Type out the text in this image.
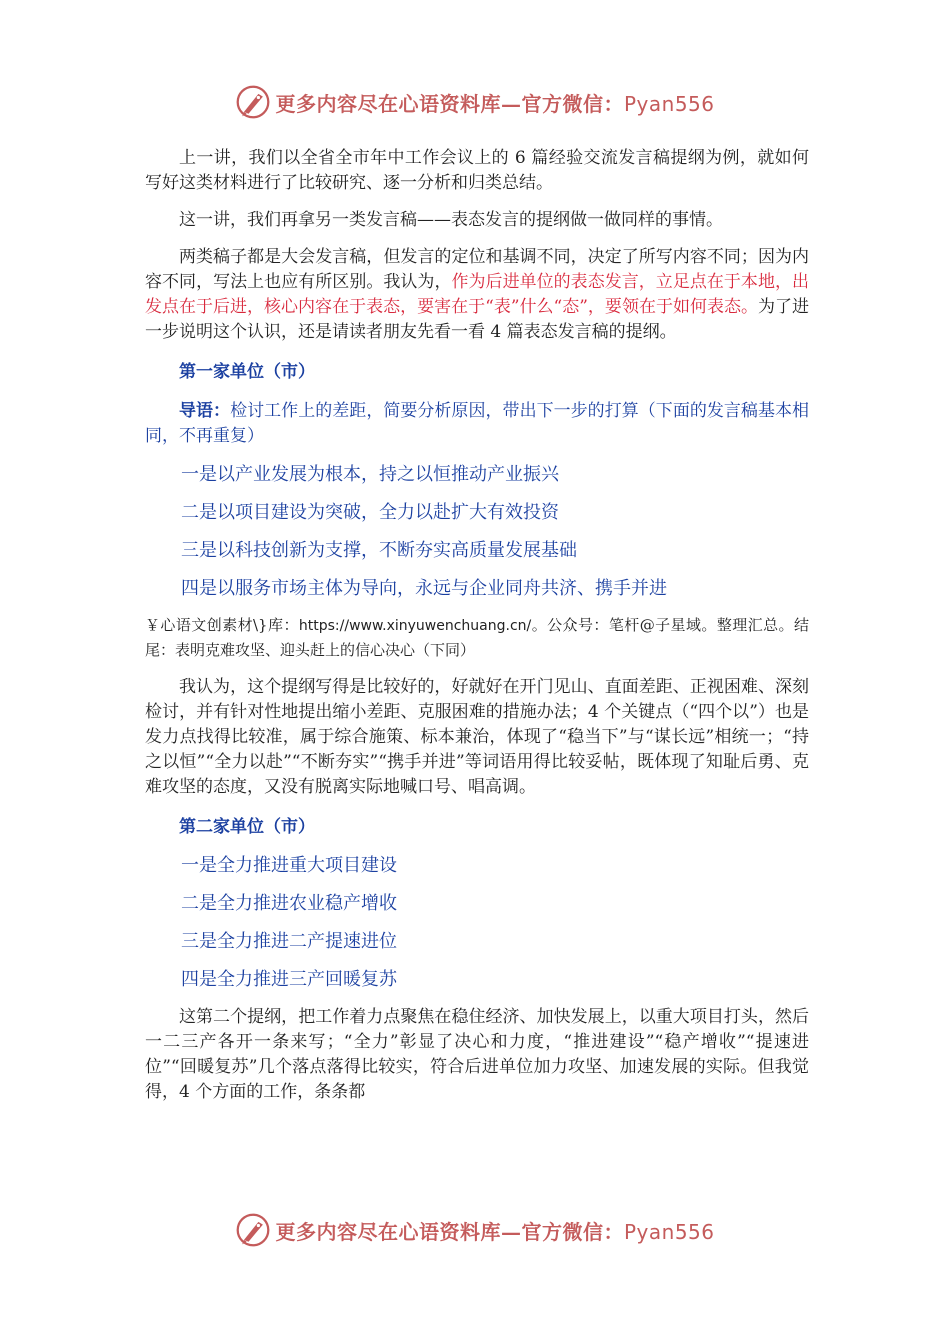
更多内容尽在心语资料库—官方微信：Pyan556

上一讲，我们以全省全市年中工作会议上的 6 篇经验交流发言稿提纲为例，就如何写好这类材料进行了比较研究、逐一分析和归类总结。

这一讲，我们再拿另一类发言稿——表态发言的提纲做一做同样的事情。

两类稿子都是大会发言稿，但发言的定位和基调不同，决定了所写内容不同；因为内容不同，写法上也应有所区别。我认为，作为后进单位的表态发言，立足点在于本地，出发点在于后进，核心内容在于表态，要害在于“表”什么“态”，要领在于如何表态。为了进一步说明这个认识，还是请读者朋友先看一看 4 篇表态发言稿的提纲。

第一家单位（市）

导语：检讨工作上的差距，简要分析原因，带出下一步的打算（下面的发言稿基本相同，不再重复）

一是以产业发展为根本，持之以恒推动产业振兴

二是以项目建设为突破，全力以赴扩大有效投资

三是以科技创新为支撑，不断夯实高质量发展基础

四是以服务市场主体为导向，永远与企业同舟共济、携手并进

￥心语文创素材\}库：https://www.xinyuwenchuang.cn/。公众号：笔杆@子星域。整理汇总。结尾：表明克难攻坚、迎头赶上的信心决心（下同）

我认为，这个提纲写得是比较好的，好就好在开门见山、直面差距、正视困难、深刻检讨，并有针对性地提出缩小差距、克服困难的措施办法；4 个关键点（“四个以”）也是发力点找得比较准，属于综合施策、标本兼治，体现了“稳当下”与“谋长远”相统一；“持之以恒”“全力以赴”“不断夯实”“携手并进”等词语用得比较妥帖，既体现了知耻后勇、克难攻坚的态度，又没有脱离实际地喊口号、唱高调。

第二家单位（市）

一是全力推进重大项目建设

二是全力推进农业稳产增收

三是全力推进二产提速进位

四是全力推进三产回暖复苏

这第二个提纲，把工作着力点聚焦在稳住经济、加快发展上，以重大项目打头，然后一二三产各开一条来写；“全力”彰显了决心和力度，“推进建设”“稳产增收”“提速进位”“回暖复苏”几个落点落得比较实，符合后进单位加力攻坚、加速发展的实际。但我觉得，4 个方面的工作，条条都

更多内容尽在心语资料库—官方微信：Pyan556
